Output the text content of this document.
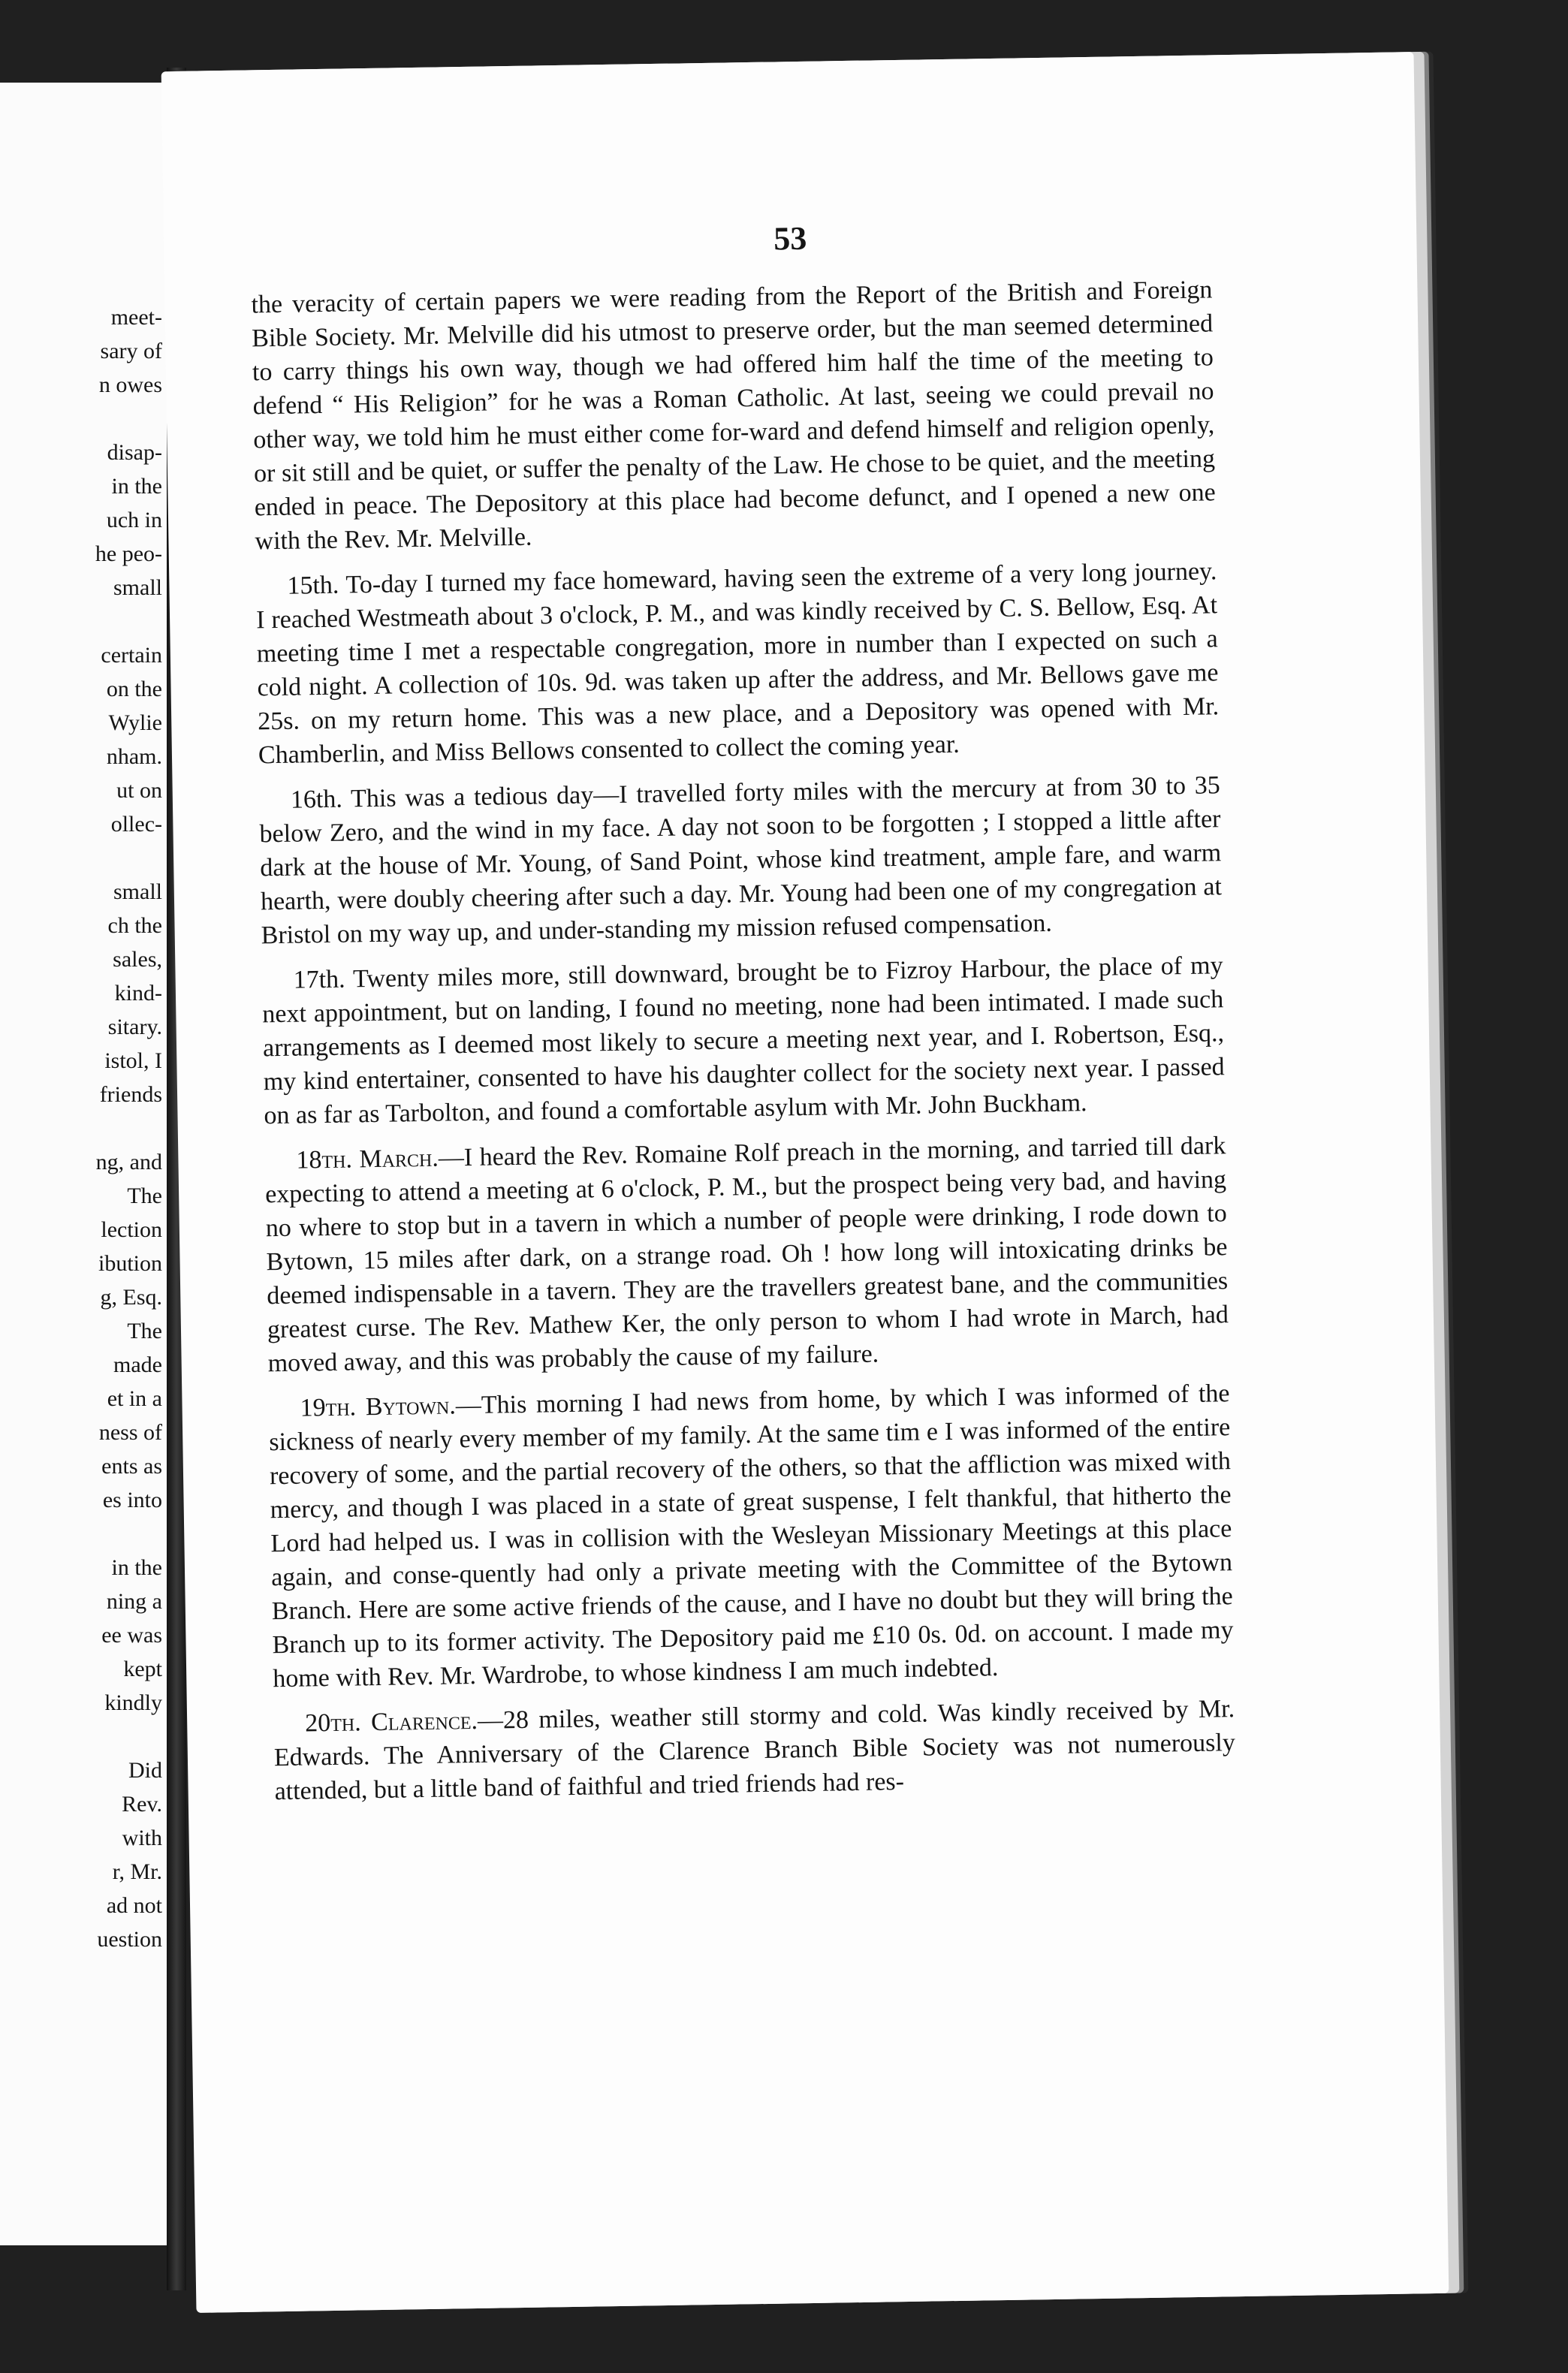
meet-
sary of
n owes
disap-
in the
uch in
he peo-
small
certain
on the
Wylie
nham.
ut on
ollec-
small
ch the
sales,
kind-
sitary.
istol, I
friends
ng, and
The
lection
ibution
g, Esq.
The
made
et in a
ness of
ents as
es into
in the
ning a
ee was
kept
kindly
Did
Rev.
with
r, Mr.
ad not
uestion
53

the veracity of certain papers we were reading from the Report of the British and Foreign Bible Society. Mr. Melville did his utmost to preserve order, but the man seemed determined to carry things his own way, though we had offered him half the time of the meeting to defend “ His Religion” for he was a Roman Catholic. At last, seeing we could prevail no other way, we told him he must either come for-ward and defend himself and religion openly, or sit still and be quiet, or suffer the penalty of the Law. He chose to be quiet, and the meeting ended in peace. The Depository at this place had become defunct, and I opened a new one with the Rev. Mr. Melville.

15th. To-day I turned my face homeward, having seen the extreme of a very long journey. I reached Westmeath about 3 o'clock, P. M., and was kindly received by C. S. Bellow, Esq. At meeting time I met a respectable congregation, more in number than I expected on such a cold night. A collection of 10s. 9d. was taken up after the address, and Mr. Bellows gave me 25s. on my return home. This was a new place, and a Depository was opened with Mr. Chamberlin, and Miss Bellows consented to collect the coming year.

16th. This was a tedious day—I travelled forty miles with the mercury at from 30 to 35 below Zero, and the wind in my face. A day not soon to be forgotten ; I stopped a little after dark at the house of Mr. Young, of Sand Point, whose kind treatment, ample fare, and warm hearth, were doubly cheering after such a day. Mr. Young had been one of my congregation at Bristol on my way up, and under-standing my mission refused compensation.

17th. Twenty miles more, still downward, brought be to Fizroy Harbour, the place of my next appointment, but on landing, I found no meeting, none had been intimated. I made such arrangements as I deemed most likely to secure a meeting next year, and I. Robertson, Esq., my kind entertainer, consented to have his daughter collect for the society next year. I passed on as far as Tarbolton, and found a comfortable asylum with Mr. John Buckham.

18th. March.—I heard the Rev. Romaine Rolf preach in the morning, and tarried till dark expecting to attend a meeting at 6 o'clock, P. M., but the prospect being very bad, and having no where to stop but in a tavern in which a number of people were drinking, I rode down to Bytown, 15 miles after dark, on a strange road. Oh ! how long will intoxicating drinks be deemed indispensable in a tavern. They are the travellers greatest bane, and the communities greatest curse. The Rev. Mathew Ker, the only person to whom I had wrote in March, had moved away, and this was probably the cause of my failure.

19th. Bytown.—This morning I had news from home, by which I was informed of the sickness of nearly every member of my family. At the same tim e I was informed of the entire recovery of some, and the partial recovery of the others, so that the affliction was mixed with mercy, and though I was placed in a state of great suspense, I felt thankful, that hitherto the Lord had helped us. I was in collision with the Wesleyan Missionary Meetings at this place again, and conse-quently had only a private meeting with the Committee of the Bytown Branch. Here are some active friends of the cause, and I have no doubt but they will bring the Branch up to its former activity. The Depository paid me £10 0s. 0d. on account. I made my home with Rev. Mr. Wardrobe, to whose kindness I am much indebted.

20th. Clarence.—28 miles, weather still stormy and cold. Was kindly received by Mr. Edwards. The Anniversary of the Clarence Branch Bible Society was not numerously attended, but a little band of faithful and tried friends had res-
